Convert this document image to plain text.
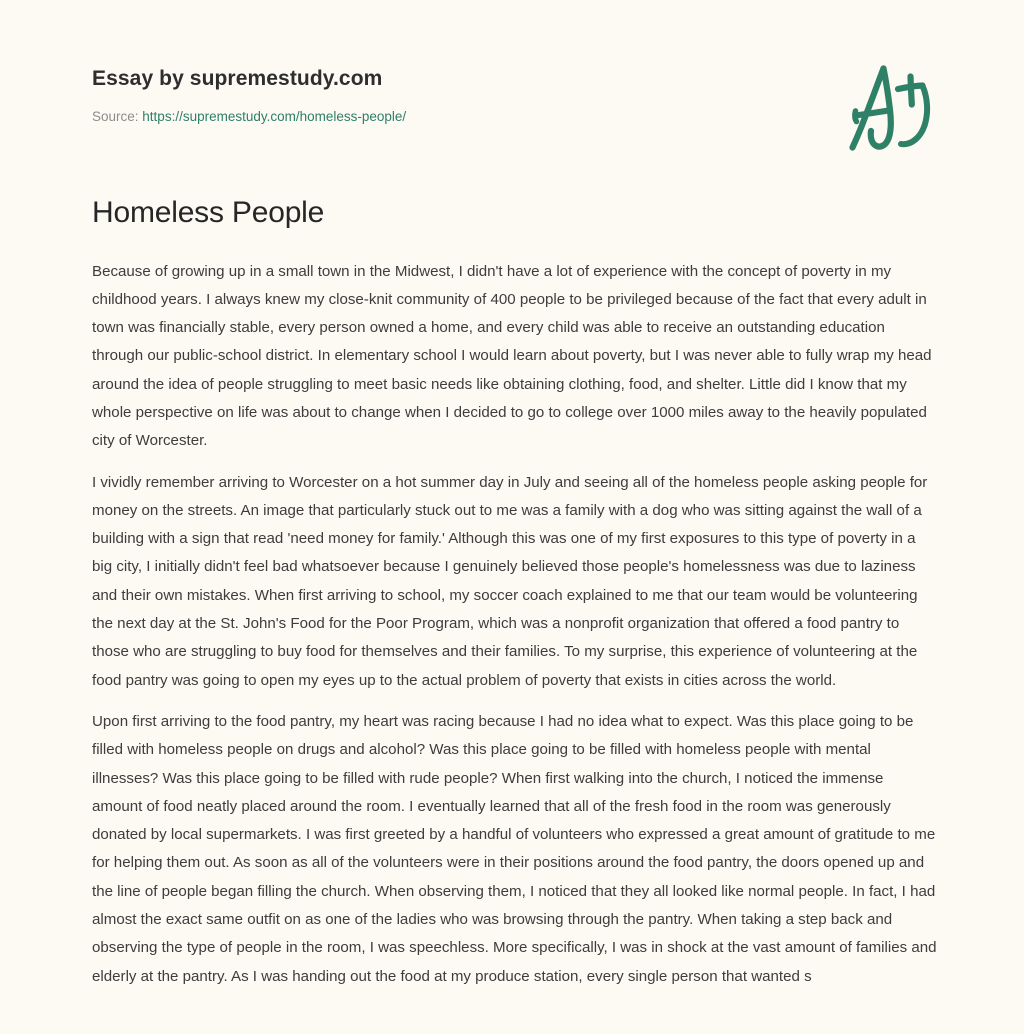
Essay by supremestudy.com
Source: https://supremestudy.com/homeless-people/
Homeless People

Because of growing up in a small town in the Midwest, I didn't have a lot of experience with the concept of poverty in my childhood years. I always knew my close-knit community of 400 people to be privileged because of the fact that every adult in town was financially stable, every person owned a home, and every child was able to receive an outstanding education through our public-school district. In elementary school I would learn about poverty, but I was never able to fully wrap my head around the idea of people struggling to meet basic needs like obtaining clothing, food, and shelter. Little did I know that my whole perspective on life was about to change when I decided to go to college over 1000 miles away to the heavily populated city of Worcester.

I vividly remember arriving to Worcester on a hot summer day in July and seeing all of the homeless people asking people for money on the streets. An image that particularly stuck out to me was a family with a dog who was sitting against the wall of a building with a sign that read 'need money for family.' Although this was one of my first exposures to this type of poverty in a big city, I initially didn't feel bad whatsoever because I genuinely believed those people's homelessness was due to laziness and their own mistakes. When first arriving to school, my soccer coach explained to me that our team would be volunteering the next day at the St. John's Food for the Poor Program, which was a nonprofit organization that offered a food pantry to those who are struggling to buy food for themselves and their families. To my surprise, this experience of volunteering at the food pantry was going to open my eyes up to the actual problem of poverty that exists in cities across the world.

Upon first arriving to the food pantry, my heart was racing because I had no idea what to expect. Was this place going to be filled with homeless people on drugs and alcohol? Was this place going to be filled with homeless people with mental illnesses? Was this place going to be filled with rude people? When first walking into the church, I noticed the immense amount of food neatly placed around the room. I eventually learned that all of the fresh food in the room was generously donated by local supermarkets. I was first greeted by a handful of volunteers who expressed a great amount of gratitude to me for helping them out. As soon as all of the volunteers were in their positions around the food pantry, the doors opened up and the line of people began filling the church. When observing them, I noticed that they all looked like normal people. In fact, I had almost the exact same outfit on as one of the ladies who was browsing through the pantry. When taking a step back and observing the type of people in the room, I was speechless. More specifically, I was in shock at the vast amount of families and elderly at the pantry. As I was handing out the food at my produce station, every single person that wanted s
